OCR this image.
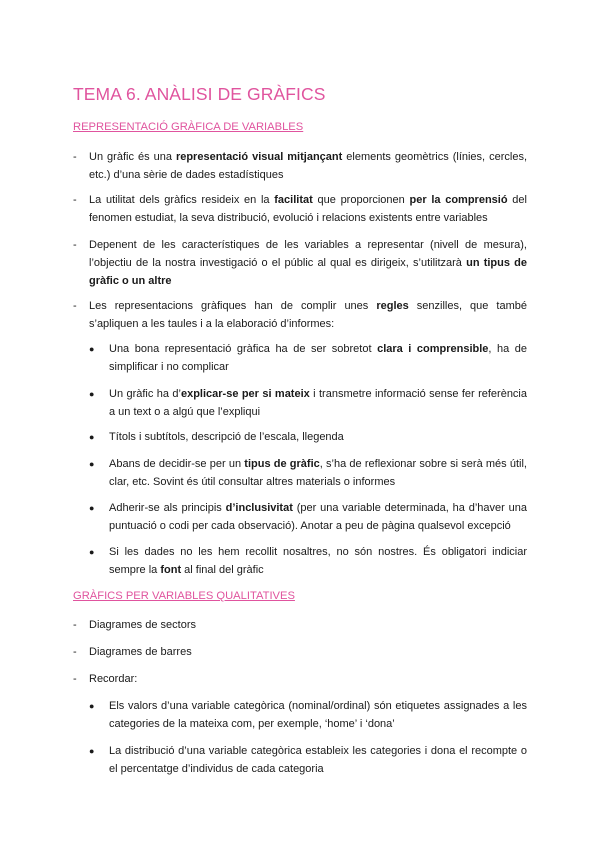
TEMA 6. ANÀLISI DE GRÀFICS
REPRESENTACIÓ GRÀFICA DE VARIABLES
- Un gràfic és una representació visual mitjançant elements geomètrics (línies, cercles, etc.) d’una sèrie de dades estadístiques

- La utilitat dels gràfics resideix en la facilitat que proporcionen per la comprensió del fenomen estudiat, la seva distribució, evolució i relacions existents entre variables

- Depenent de les característiques de les variables a representar (nivell de mesura), l’objectiu de la nostra investigació o el públic al qual es dirigeix, s’utilitzarà un tipus de gràfic o un altre

- Les representacions gràfiques han de complir unes regles senzilles, que també s’apliquen a les taules i a la elaboració d’informes:

● Una bona representació gràfica ha de ser sobretot clara i comprensible, ha de simplificar i no complicar

● Un gràfic ha d’explicar-se per si mateix i transmetre informació sense fer referència a un text o a algú que l’expliqui

● Títols i subtítols, descripció de l’escala, llegenda

● Abans de decidir-se per un tipus de gràfic, s’ha de reflexionar sobre si serà més útil, clar, etc. Sovint és útil consultar altres materials o informes

● Adherir-se als principis d’inclusivitat (per una variable determinada, ha d’haver una puntuació o codi per cada observació). Anotar a peu de pàgina qualsevol excepció

● Si les dades no les hem recollit nosaltres, no són nostres. És obligatori indiciar sempre la font al final del gràfic

GRÀFICS PER VARIABLES QUALITATIVES
- Diagrames de sectors

- Diagrames de barres

- Recordar:

● Els valors d’una variable categòrica (nominal/ordinal) són etiquetes assignades a les categories de la mateixa com, per exemple, ‘home’ i ‘dona’

● La distribució d’una variable categòrica estableix les categories i dona el recompte o el percentatge d’individus de cada categoria
